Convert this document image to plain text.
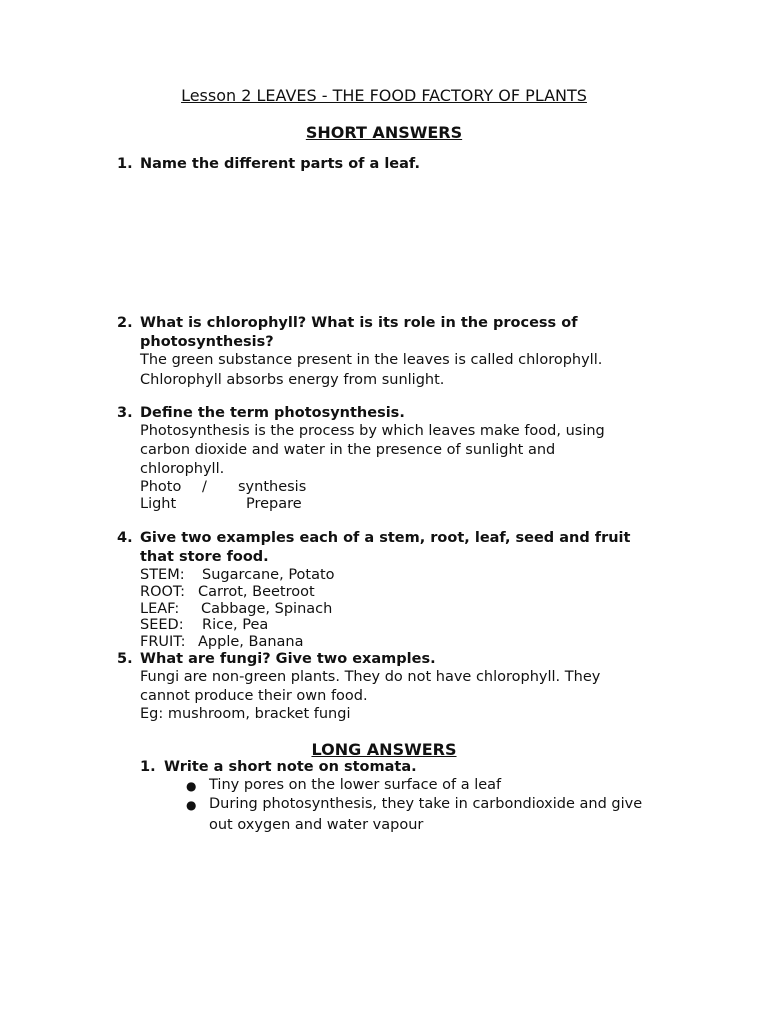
Lesson 2 LEAVES - THE FOOD FACTORY OF PLANTS
SHORT ANSWERS
1. Name the different parts of a leaf.
2. What is chlorophyll? What is its role in the process of
photosynthesis?
The green substance present in the leaves is called chlorophyll.
Chlorophyll absorbs energy from sunlight.
3. Define the term photosynthesis.
Photosynthesis is the process by which leaves make food, using
carbon dioxide and water in the presence of sunlight and
chlorophyll.
Photo / synthesis
Light	Prepare
4. Give two examples each of a stem, root, leaf, seed and fruit
that store food.
STEM: Sugarcane, Potato
ROOT: Carrot, Beetroot
LEAF: Cabbage, Spinach
SEED: Rice, Pea
FRUIT: Apple, Banana
5. What are fungi? Give two examples.
Fungi are non-green plants. They do not have chlorophyll. They
cannot produce their own food.
Eg: mushroom, bracket fungi
LONG ANSWERS
1. Write a short note on stomata.
● Tiny pores on the lower surface of a leaf
● During photosynthesis, they take in carbondioxide and give
out oxygen and water vapour
